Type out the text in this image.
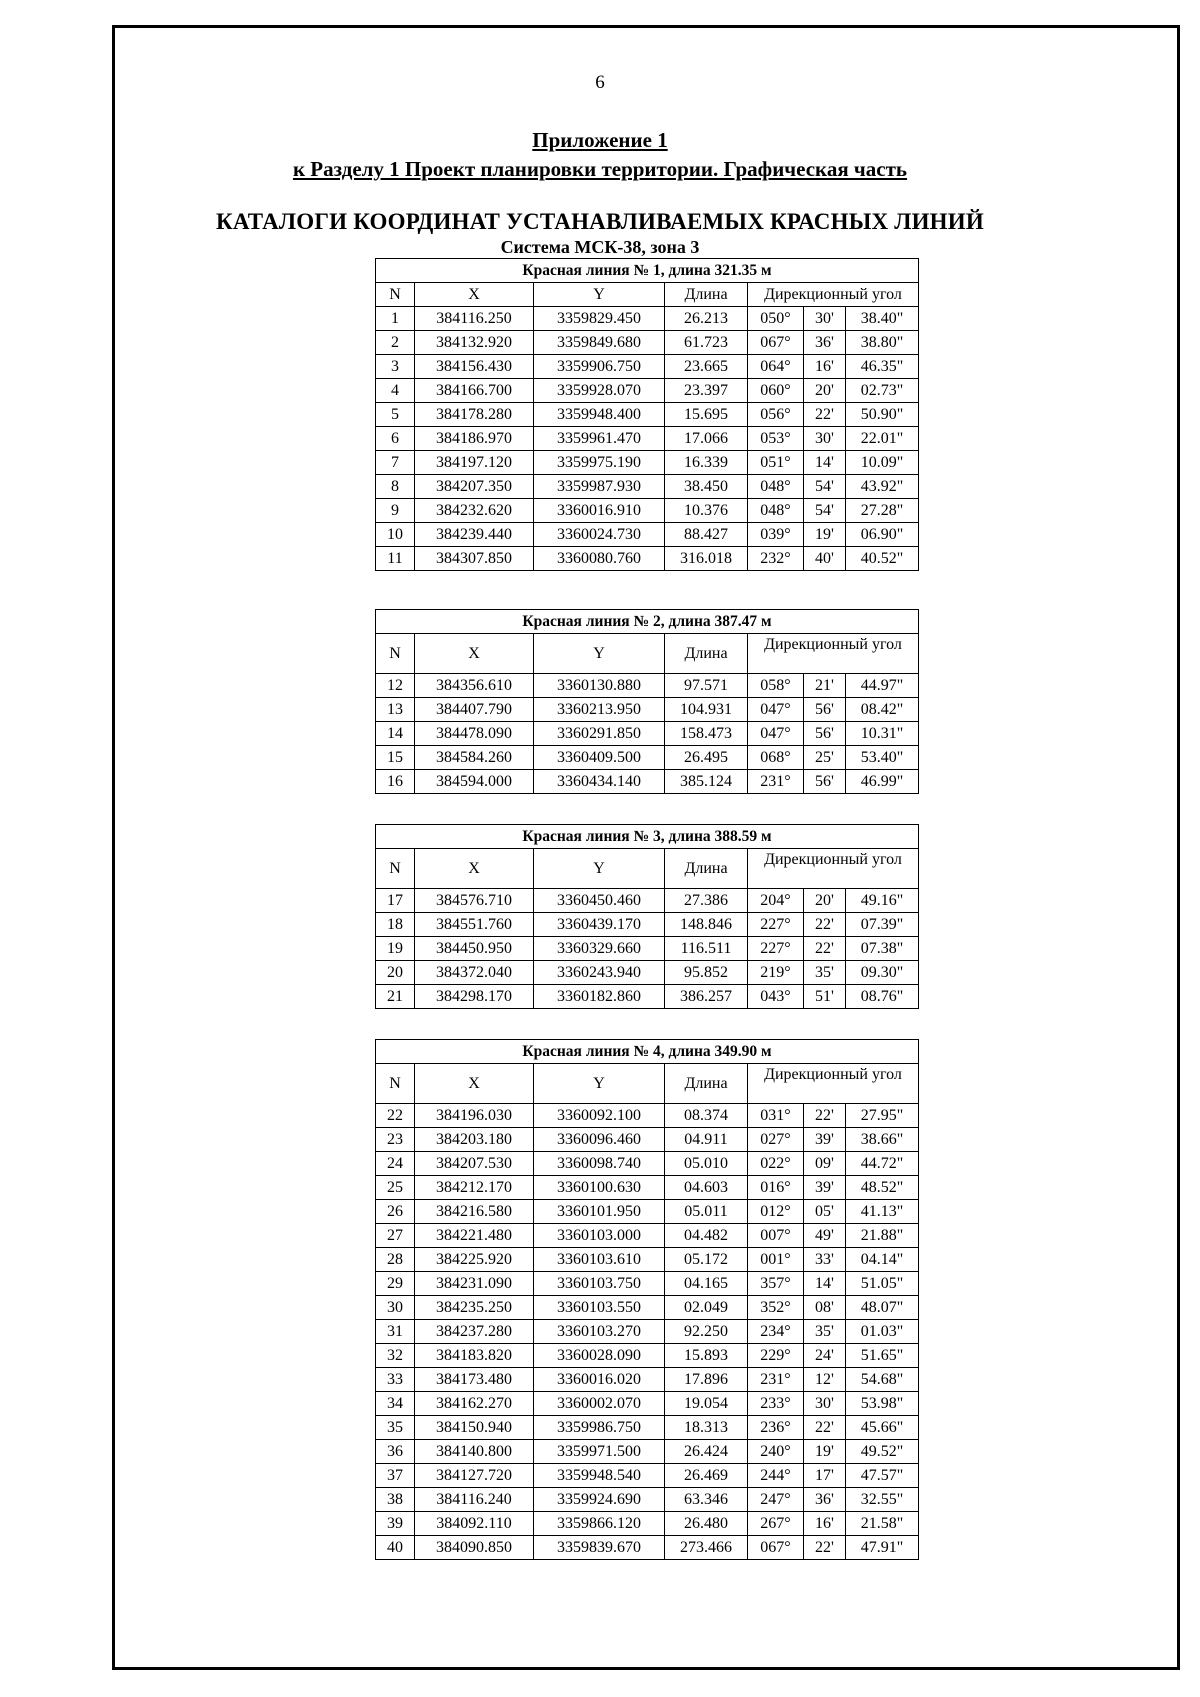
6
Приложение 1
к Разделу 1 Проект планировки территории. Графическая часть
КАТАЛОГИ КООРДИНАТ УСТАНАВЛИВАЕМЫХ КРАСНЫХ ЛИНИЙ
Система МСК-38, зона 3
Красная линия № 1, длина 321.35 м						
N	X	Y	Длина	Дирекционный угол		
1	384116.250	3359829.450	26.213	050°	30'	38.40"
2	384132.920	3359849.680	61.723	067°	36'	38.80"
3	384156.430	3359906.750	23.665	064°	16'	46.35"
4	384166.700	3359928.070	23.397	060°	20'	02.73"
5	384178.280	3359948.400	15.695	056°	22'	50.90"
6	384186.970	3359961.470	17.066	053°	30'	22.01"
7	384197.120	3359975.190	16.339	051°	14'	10.09"
8	384207.350	3359987.930	38.450	048°	54'	43.92"
9	384232.620	3360016.910	10.376	048°	54'	27.28"
10	384239.440	3360024.730	88.427	039°	19'	06.90"
11	384307.850	3360080.760	316.018	232°	40'	40.52"
Красная линия № 2, длина 387.47 м						
N	X	Y	Длина	Дирекционный угол		
12	384356.610	3360130.880	97.571	058°	21'	44.97"
13	384407.790	3360213.950	104.931	047°	56'	08.42"
14	384478.090	3360291.850	158.473	047°	56'	10.31"
15	384584.260	3360409.500	26.495	068°	25'	53.40"
16	384594.000	3360434.140	385.124	231°	56'	46.99"
Красная линия № 3, длина 388.59 м						
N	X	Y	Длина	Дирекционный угол		
17	384576.710	3360450.460	27.386	204°	20'	49.16"
18	384551.760	3360439.170	148.846	227°	22'	07.39"
19	384450.950	3360329.660	116.511	227°	22'	07.38"
20	384372.040	3360243.940	95.852	219°	35'	09.30"
21	384298.170	3360182.860	386.257	043°	51'	08.76"
Красная линия № 4, длина 349.90 м						
N	X	Y	Длина	Дирекционный угол		
22	384196.030	3360092.100	08.374	031°	22'	27.95"
23	384203.180	3360096.460	04.911	027°	39'	38.66"
24	384207.530	3360098.740	05.010	022°	09'	44.72"
25	384212.170	3360100.630	04.603	016°	39'	48.52"
26	384216.580	3360101.950	05.011	012°	05'	41.13"
27	384221.480	3360103.000	04.482	007°	49'	21.88"
28	384225.920	3360103.610	05.172	001°	33'	04.14"
29	384231.090	3360103.750	04.165	357°	14'	51.05"
30	384235.250	3360103.550	02.049	352°	08'	48.07"
31	384237.280	3360103.270	92.250	234°	35'	01.03"
32	384183.820	3360028.090	15.893	229°	24'	51.65"
33	384173.480	3360016.020	17.896	231°	12'	54.68"
34	384162.270	3360002.070	19.054	233°	30'	53.98"
35	384150.940	3359986.750	18.313	236°	22'	45.66"
36	384140.800	3359971.500	26.424	240°	19'	49.52"
37	384127.720	3359948.540	26.469	244°	17'	47.57"
38	384116.240	3359924.690	63.346	247°	36'	32.55"
39	384092.110	3359866.120	26.480	267°	16'	21.58"
40	384090.850	3359839.670	273.466	067°	22'	47.91"
